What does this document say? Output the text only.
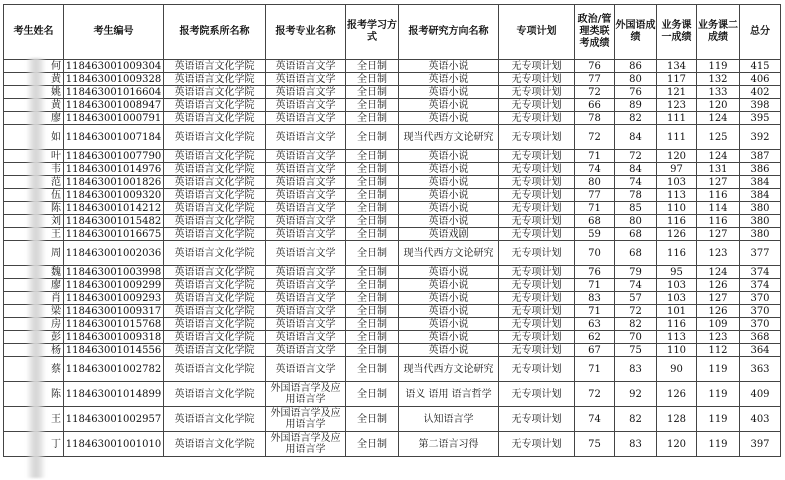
考生姓名	考生编号	报考院系所名称	报考专业名称	报考学习方式	报考研究方向名称	专项计划	政治/管理类联考成绩	外国语成绩	业务课一成绩	业务课二成绩	总分
何	118463001009304	英语语言文化学院	英语语言文学	全日制	英语小说	无专项计划	76	86	134	119	415
黄	118463001009328	英语语言文化学院	英语语言文学	全日制	英语小说	无专项计划	77	80	117	132	406
姚	118463001016604	英语语言文化学院	英语语言文学	全日制	英语小说	无专项计划	72	76	121	133	402
黄	118463001008947	英语语言文化学院	英语语言文学	全日制	英语小说	无专项计划	66	89	123	120	398
廖	118463001000791	英语语言文化学院	英语语言文学	全日制	英语小说	无专项计划	78	82	111	124	395
如	118463001007184	英语语言文化学院	英语语言文学	全日制	现当代西方文论研究	无专项计划	72	84	111	125	392
叶	118463001007790	英语语言文化学院	英语语言文学	全日制	英语小说	无专项计划	71	72	120	124	387
韦	118463001014976	英语语言文化学院	英语语言文学	全日制	英语小说	无专项计划	74	84	97	131	386
范	118463001001826	英语语言文化学院	英语语言文学	全日制	英语小说	无专项计划	80	74	103	127	384
伍	118463001009320	英语语言文化学院	英语语言文学	全日制	英语小说	无专项计划	77	78	113	116	384
陈	118463001014212	英语语言文化学院	英语语言文学	全日制	英语小说	无专项计划	71	85	110	114	380
刘	118463001015482	英语语言文化学院	英语语言文学	全日制	英语小说	无专项计划	68	80	116	116	380
王	118463001016675	英语语言文化学院	英语语言文学	全日制	英语戏剧	无专项计划	59	68	126	127	380
周	118463001002036	英语语言文化学院	英语语言文学	全日制	现当代西方文论研究	无专项计划	70	68	116	123	377
魏	118463001003998	英语语言文化学院	英语语言文学	全日制	英语小说	无专项计划	76	79	95	124	374
廖	118463001009299	英语语言文化学院	英语语言文学	全日制	英语小说	无专项计划	71	74	103	126	374
肖	118463001009293	英语语言文化学院	英语语言文学	全日制	英语小说	无专项计划	83	57	103	127	370
梁	118463001009317	英语语言文化学院	英语语言文学	全日制	英语小说	无专项计划	71	72	101	126	370
房	118463001015768	英语语言文化学院	英语语言文学	全日制	英语小说	无专项计划	63	82	116	109	370
彭	118463001009318	英语语言文化学院	英语语言文学	全日制	英语小说	无专项计划	62	70	113	123	368
杨	118463001014556	英语语言文化学院	英语语言文学	全日制	英语小说	无专项计划	67	75	110	112	364
蔡	118463001002782	英语语言文化学院	英语语言文学	全日制	现当代西方文论研究	无专项计划	71	83	90	119	363
陈	118463001014899	英语语言文化学院	外国语言学及应用语言学	全日制	语义 语用 语言哲学	无专项计划	72	92	126	119	409
王	118463001002957	英语语言文化学院	外国语言学及应用语言学	全日制	认知语言学	无专项计划	74	82	128	119	403
丁	118463001001010	英语语言文化学院	外国语言学及应用语言学	全日制	第二语言习得	无专项计划	75	83	120	119	397
